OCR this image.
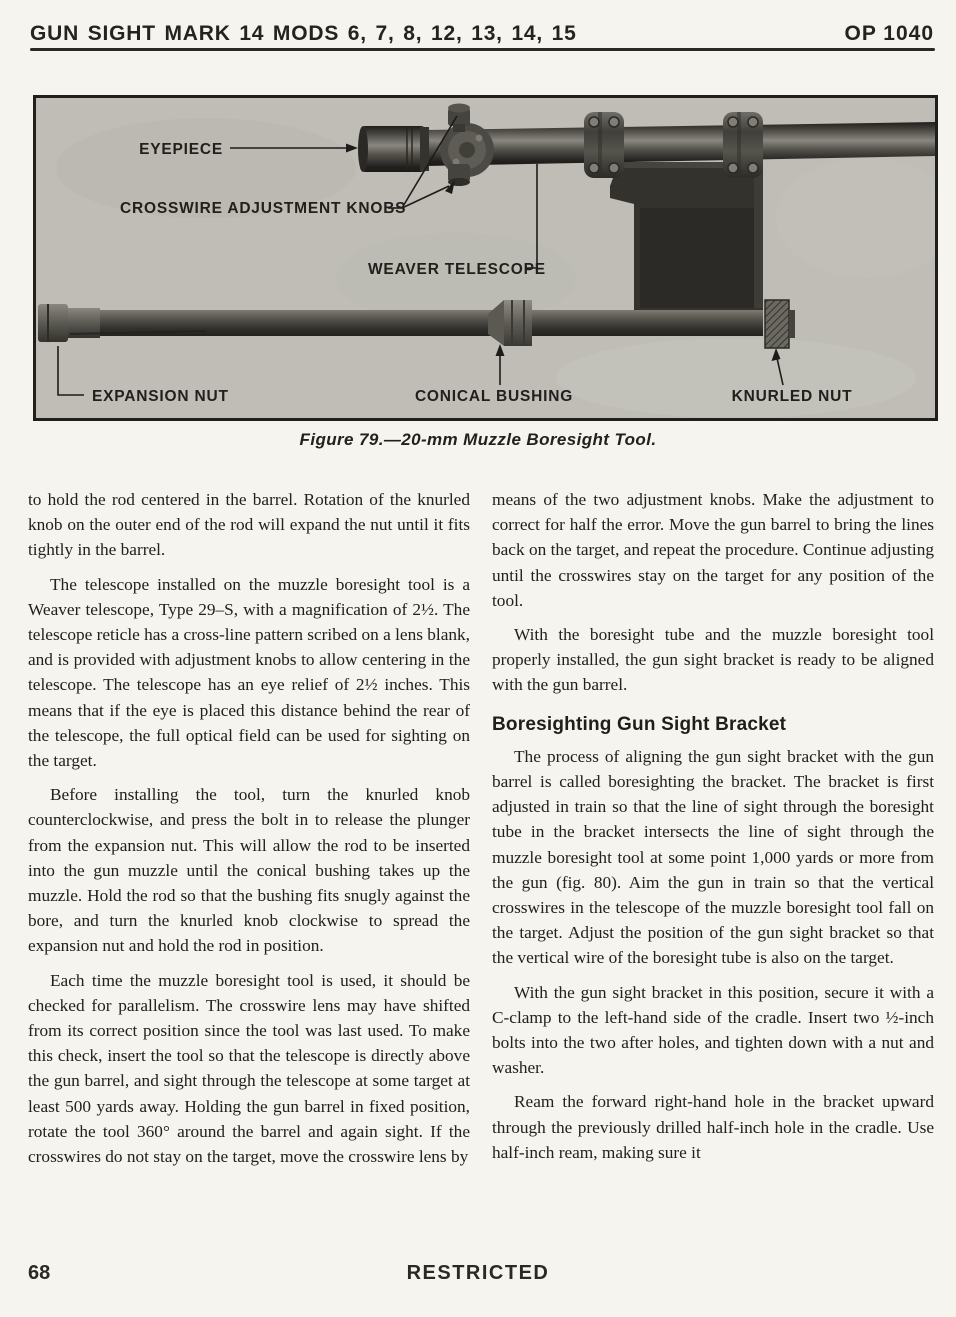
GUN SIGHT MARK 14 MODS 6, 7, 8, 12, 13, 14, 15	OP 1040
EYEPIECE
CROSSWIRE ADJUSTMENT KNOBS
WEAVER TELESCOPE
EXPANSION NUT	CONICAL BUSHING	KNURLED NUT
Figure 79.—20-mm Muzzle Boresight Tool.

to hold the rod centered in the barrel. Rotation of the knurled knob on the outer end of the rod will expand the nut until it fits tightly in the barrel.

The telescope installed on the muzzle boresight tool is a Weaver telescope, Type 29–S, with a magnification of 2½. The telescope reticle has a cross-line pattern scribed on a lens blank, and is provided with adjustment knobs to allow centering in the telescope. The telescope has an eye relief of 2½ inches. This means that if the eye is placed this distance behind the rear of the telescope, the full optical field can be used for sighting on the target.

Before installing the tool, turn the knurled knob counterclockwise, and press the bolt in to release the plunger from the expansion nut. This will allow the rod to be inserted into the gun muzzle until the conical bushing takes up the muzzle. Hold the rod so that the bushing fits snugly against the bore, and turn the knurled knob clockwise to spread the expansion nut and hold the rod in position.

Each time the muzzle boresight tool is used, it should be checked for parallelism. The crosswire lens may have shifted from its correct position since the tool was last used. To make this check, insert the tool so that the telescope is directly above the gun barrel, and sight through the telescope at some target at least 500 yards away. Holding the gun barrel in fixed position, rotate the tool 360° around the barrel and again sight. If the crosswires do not stay on the target, move the crosswire lens by

means of the two adjustment knobs. Make the adjustment to correct for half the error. Move the gun barrel to bring the lines back on the target, and repeat the procedure. Continue adjusting until the crosswires stay on the target for any position of the tool.

With the boresight tube and the muzzle boresight tool properly installed, the gun sight bracket is ready to be aligned with the gun barrel.

Boresighting Gun Sight Bracket

The process of aligning the gun sight bracket with the gun barrel is called boresighting the bracket. The bracket is first adjusted in train so that the line of sight through the boresight tube in the bracket intersects the line of sight through the muzzle boresight tool at some point 1,000 yards or more from the gun (fig. 80). Aim the gun in train so that the vertical crosswires in the telescope of the muzzle boresight tool fall on the target. Adjust the position of the gun sight bracket so that the vertical wire of the boresight tube is also on the target.

With the gun sight bracket in this position, secure it with a C-clamp to the left-hand side of the cradle. Insert two ½-inch bolts into the two after holes, and tighten down with a nut and washer.

Ream the forward right-hand hole in the bracket upward through the previously drilled half-inch hole in the cradle. Use half-inch ream, making sure it

68	RESTRICTED
